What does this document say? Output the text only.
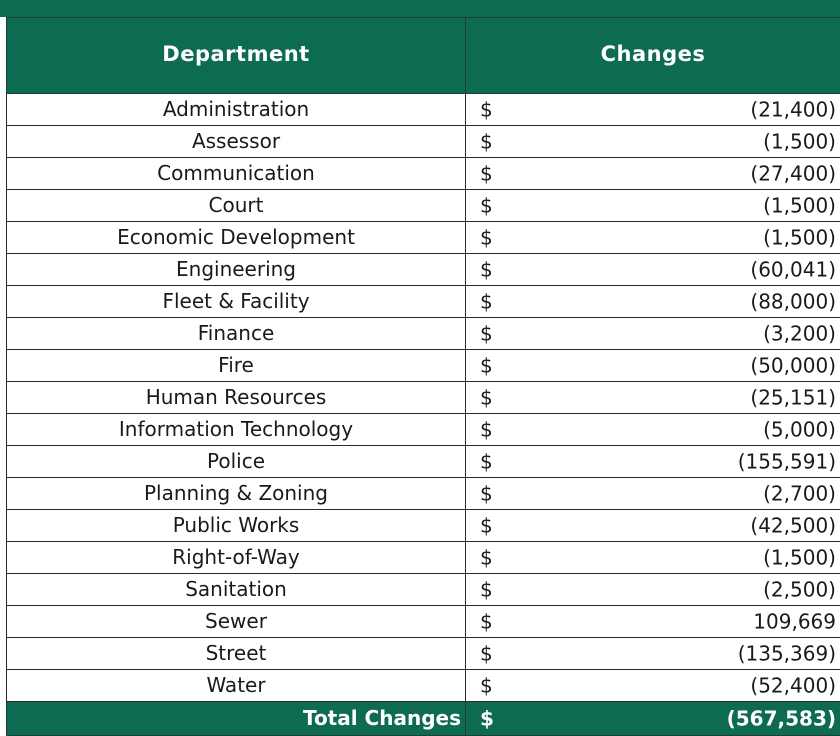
Department	Changes
Administration	$ (21,400)

Assessor	$ (1,500)

Communication	$ (27,400)

Court	$ (1,500)

Economic Development	$ (1,500)

Engineering	$ (60,041)

Fleet & Facility	$ (88,000)

Finance	$ (3,200)

Fire	$ (50,000)

Human Resources	$ (25,151)

Information Technology	$ (5,000)

Police	$ (155,591)

Planning & Zoning	$ (2,700)

Public Works	$ (42,500)

Right-of-Way	$ (1,500)

Sanitation	$ (2,500)

Sewer	$ 109,669

Street	$ (135,369)

Water	$ (52,400)

Total Changes	$ (567,583)
